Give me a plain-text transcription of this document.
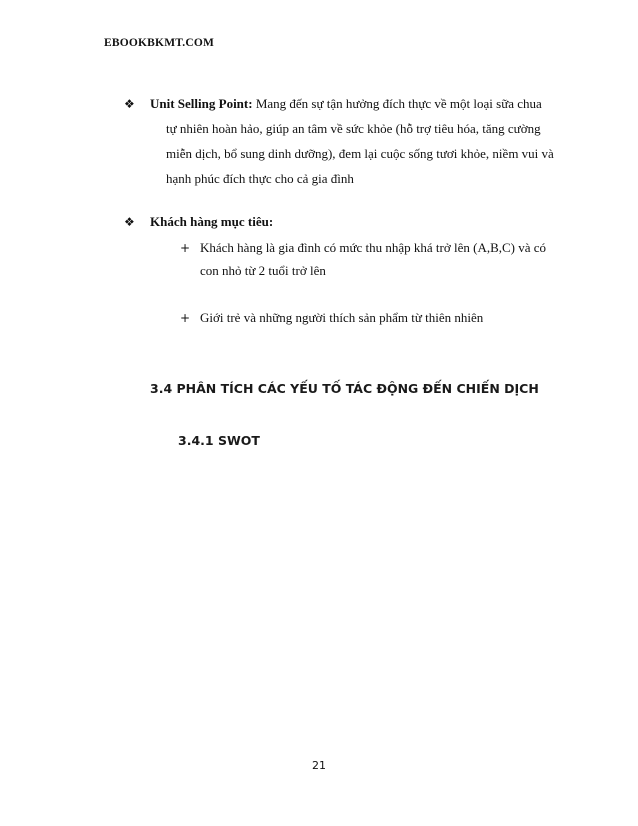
EBOOKBKMT.COM
❖ Unit Selling Point: Mang đến sự tận hưởng đích thực về một loại sữa chua
tự nhiên hoàn hảo, giúp an tâm về sức khỏe (hỗ trợ tiêu hóa, tăng cường
miễn dịch, bổ sung dinh dưỡng), đem lại cuộc sống tươi khỏe, niềm vui và
hạnh phúc đích thực cho cả gia đình
❖ Khách hàng mục tiêu:
+ Khách hàng là gia đình có mức thu nhập khá trở lên (A,B,C) và có
con nhỏ từ 2 tuổi trở lên
+ Giới trẻ và những người thích sản phẩm từ thiên nhiên
3.4 PHÂN TÍCH CÁC YẾU TỐ TÁC ĐỘNG ĐẾN CHIẾN DỊCH
3.4.1 SWOT
21
